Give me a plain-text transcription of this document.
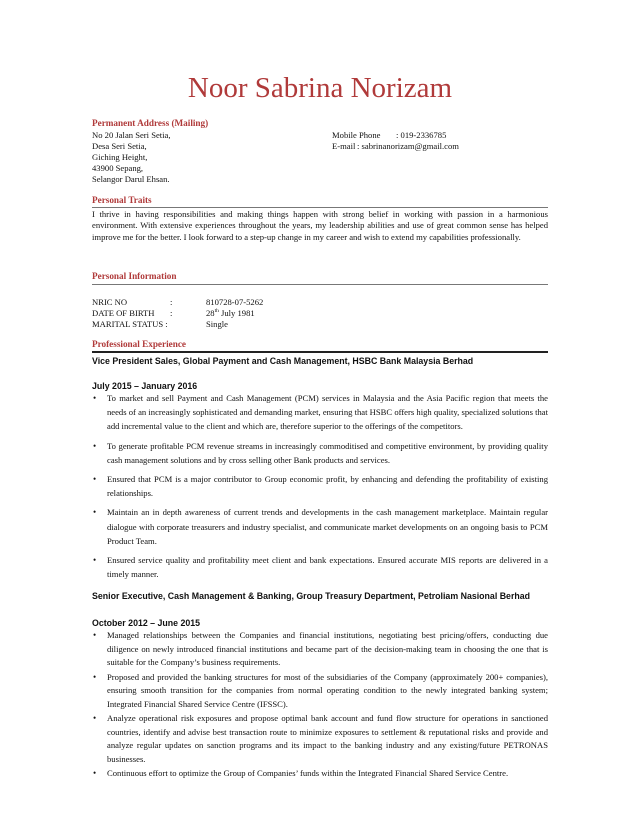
Noor Sabrina Norizam
Permanent Address (Mailing)
No 20 Jalan Seri Setia,
Desa Seri Setia,
Giching Height,
43900 Sepang,
Selangor Darul Ehsan.
Mobile Phone : 019-2336785
E-mail : sabrinanorizam@gmail.com
Personal Traits
I thrive in having responsibilities and making things happen with strong belief in working with passion in a harmonious environment. With extensive experiences throughout the years, my leadership abilities and use of great common sense has helped improve me for the better. I look forward to a step-up change in my career and wish to extend my capabilities professionally.
Personal Information
NRIC NO	:	810728-07-5262
DATE OF BIRTH :	28th July 1981
MARITAL STATUS :	Single
Professional Experience
Vice President Sales, Global Payment and Cash Management, HSBC Bank Malaysia Berhad
July 2015 – January 2016
• To market and sell Payment and Cash Management (PCM) services in Malaysia and the Asia Pacific region that meets the needs of an increasingly sophisticated and demanding market, ensuring that HSBC offers high quality, specialized solutions that add incremental value to the client and which are, therefore superior to the offerings of the competitors.
• To generate profitable PCM revenue streams in increasingly commoditised and competitive environment, by providing quality cash management solutions and by cross selling other Bank products and services.
• Ensured that PCM is a major contributor to Group economic profit, by enhancing and defending the profitability of existing relationships.
• Maintain an in depth awareness of current trends and developments in the cash management marketplace. Maintain regular dialogue with corporate treasurers and industry specialist, and communicate market developments on an ongoing basis to PCM Product Team.
• Ensured service quality and profitability meet client and bank expectations. Ensured accurate MIS reports are delivered in a timely manner.
Senior Executive, Cash Management & Banking, Group Treasury Department, Petroliam Nasional Berhad
October 2012 – June 2015
• Managed relationships between the Companies and financial institutions, negotiating best pricing/offers, conducting due diligence on newly introduced financial institutions and became part of the decision-making team in choosing the one that is suitable for the Company’s business requirements.
• Proposed and provided the banking structures for most of the subsidiaries of the Company (approximately 200+ companies), ensuring smooth transition for the companies from normal operating condition to the newly integrated banking system; Integrated Financial Shared Service Centre (IFSSC).
• Analyze operational risk exposures and propose optimal bank account and fund flow structure for operations in sanctioned countries, identify and advise best transaction route to minimize exposures to settlement & reputational risks and provide and analyze regular updates on sanction programs and its impact to the banking industry and any existing/future PETRONAS businesses.
• Continuous effort to optimize the Group of Companies’ funds within the Integrated Financial Shared Service Centre.
